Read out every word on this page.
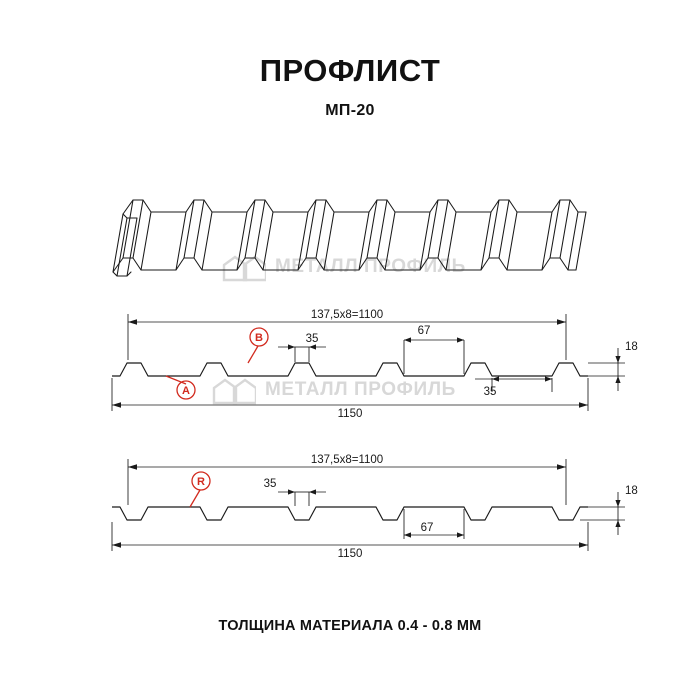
ПРОФЛИСТ
МП-20
МЕТАЛЛ ПРОФИЛЬ
МЕТАЛЛ ПРОФИЛЬ
137,5х8=1100
1150
18
35
67
35
A
B
137,5х8=1100
1150
18
35
67
R
ТОЛЩИНА МАТЕРИАЛА 0.4 - 0.8 ММ
